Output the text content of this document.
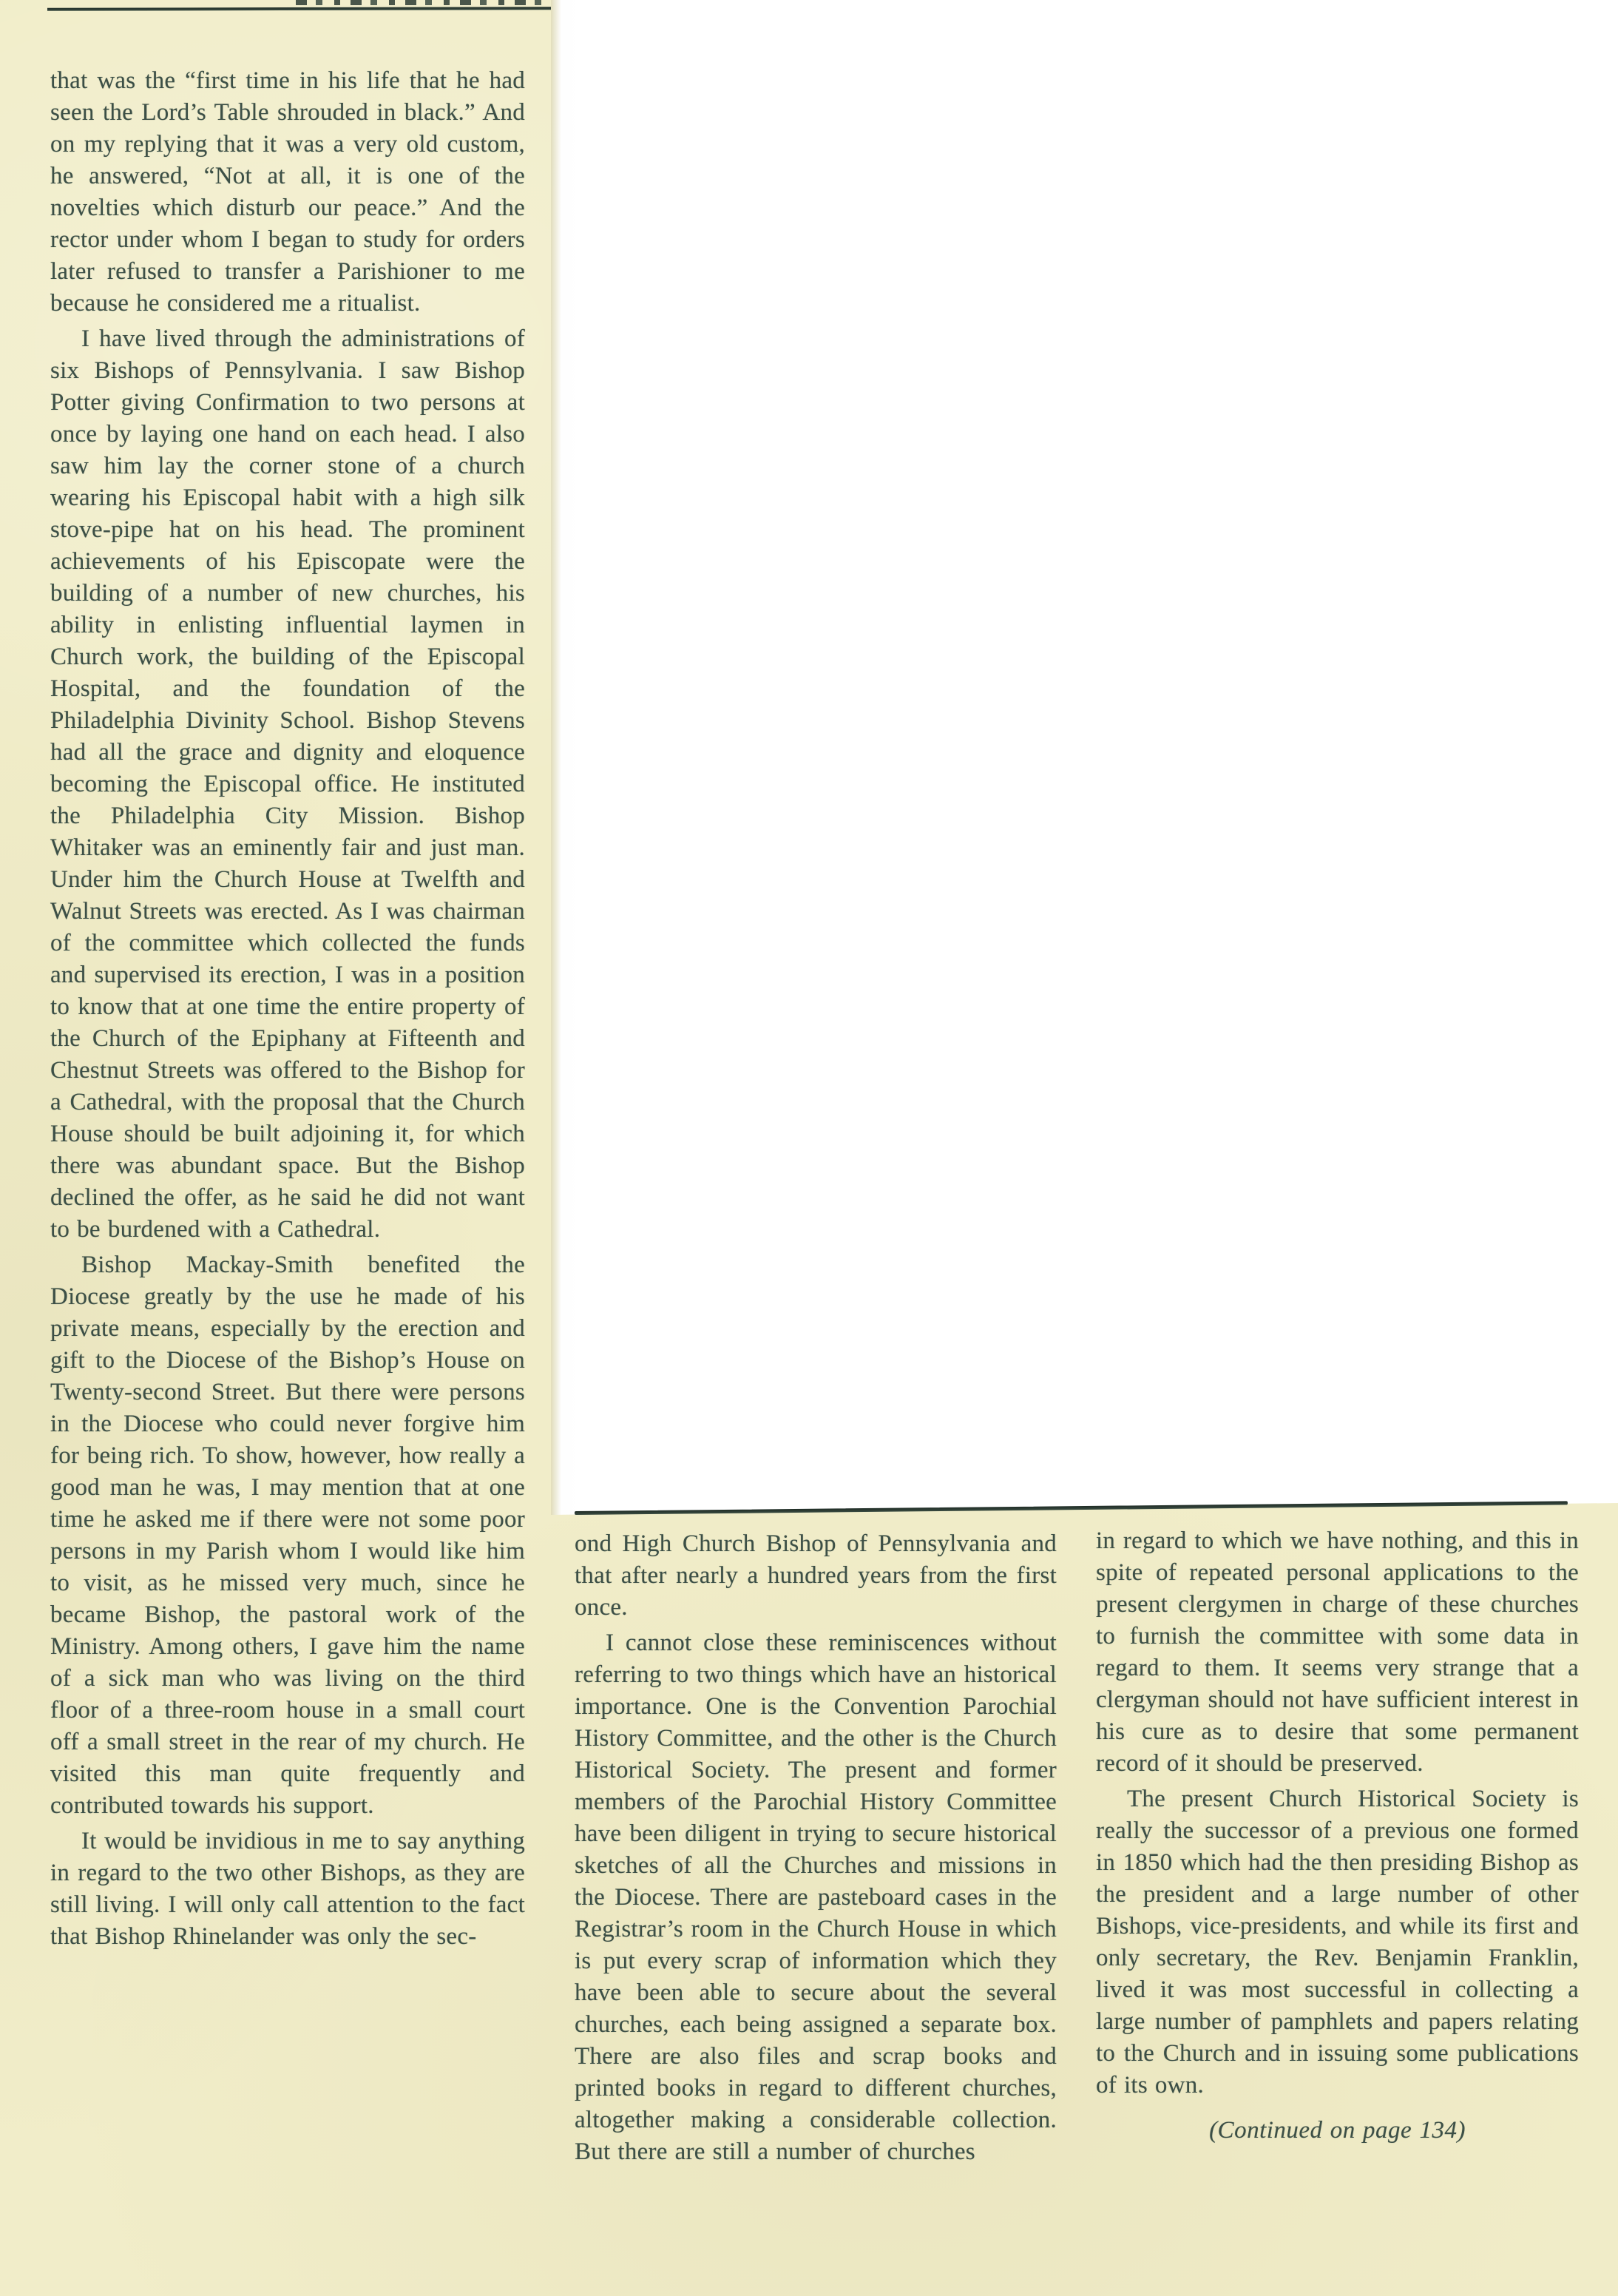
that was the “first time in his life that he had seen the Lord’s Table shrouded in black.” And on my replying that it was a very old custom, he answered, “Not at all, it is one of the novelties which disturb our peace.” And the rector under whom I began to study for orders later refused to transfer a Parishioner to me because he considered me a ritualist.

I have lived through the administrations of six Bishops of Pennsylvania. I saw Bishop Potter giving Confirmation to two persons at once by laying one hand on each head. I also saw him lay the corner stone of a church wearing his Episcopal habit with a high silk stove-pipe hat on his head. The prominent achievements of his Episcopate were the building of a number of new churches, his ability in enlisting influential laymen in Church work, the building of the Episcopal Hospital, and the foundation of the Philadelphia Divinity School. Bishop Stevens had all the grace and dignity and eloquence becoming the Episcopal office. He instituted the Philadelphia City Mission. Bishop Whitaker was an eminently fair and just man. Under him the Church House at Twelfth and Walnut Streets was erected. As I was chairman of the committee which collected the funds and supervised its erection, I was in a position to know that at one time the entire property of the Church of the Epiphany at Fifteenth and Chestnut Streets was offered to the Bishop for a Cathedral, with the proposal that the Church House should be built adjoining it, for which there was abundant space. But the Bishop declined the offer, as he said he did not want to be burdened with a Cathedral.

Bishop Mackay-Smith benefited the Diocese greatly by the use he made of his private means, especially by the erection and gift to the Diocese of the Bishop’s House on Twenty-second Street. But there were persons in the Diocese who could never forgive him for being rich. To show, however, how really a good man he was, I may mention that at one time he asked me if there were not some poor persons in my Parish whom I would like him to visit, as he missed very much, since he became Bishop, the pastoral work of the Ministry. Among others, I gave him the name of a sick man who was living on the third floor of a three-room house in a small court off a small street in the rear of my church. He visited this man quite frequently and contributed towards his support.

It would be invidious in me to say anything in regard to the two other Bishops, as they are still living. I will only call attention to the fact that Bishop Rhinelander was only the sec-

ond High Church Bishop of Pennsylvania and that after nearly a hundred years from the first once.

I cannot close these reminiscences without referring to two things which have an historical importance. One is the Convention Parochial History Committee, and the other is the Church Historical Society. The present and former members of the Parochial History Committee have been diligent in trying to secure historical sketches of all the Churches and missions in the Diocese. There are pasteboard cases in the Registrar’s room in the Church House in which is put every scrap of information which they have been able to secure about the several churches, each being assigned a separate box. There are also files and scrap books and printed books in regard to different churches, altogether making a considerable collection. But there are still a number of churches

in regard to which we have nothing, and this in spite of repeated personal applications to the present clergymen in charge of these churches to furnish the committee with some data in regard to them. It seems very strange that a clergyman should not have sufficient interest in his cure as to desire that some permanent record of it should be preserved.

The present Church Historical Society is really the successor of a previous one formed in 1850 which had the then presiding Bishop as the president and a large number of other Bishops, vice-presidents, and while its first and only secretary, the Rev. Benjamin Franklin, lived it was most successful in collecting a large number of pamphlets and papers relating to the Church and in issuing some publications of its own.

(Continued on page 134)
